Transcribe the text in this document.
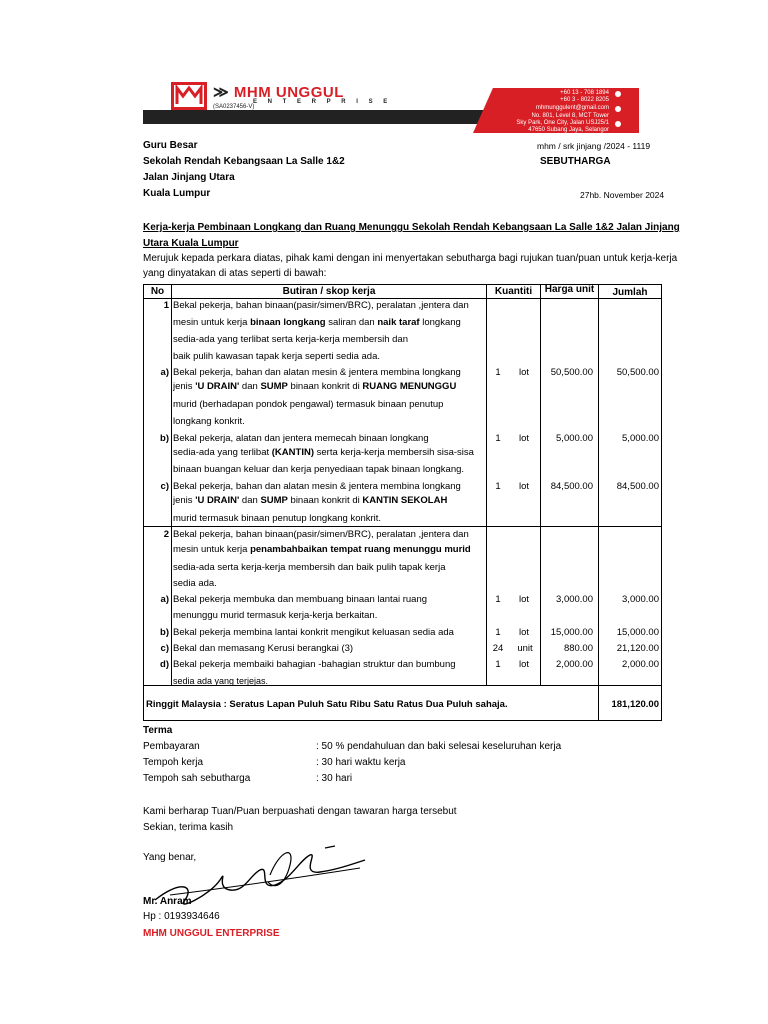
≫ MHM UNGGUL
E N T E R P R I S E
(SA0237456-V)
+60 13 - 708 1894
+60 3 - 8022 8205
mhmunggulent@gmail.com
No. 801, Level 8, MCT Tower
Sky Park, One City, Jalan USJ25/1
47650 Subang Jaya, Selangor
Guru Besar
Sekolah Rendah Kebangsaan La Salle 1&2
Jalan Jinjang Utara
Kuala Lumpur
mhm / srk jinjang /2024 - 1119
SEBUTHARGA
27hb. November 2024
Kerja-kerja Pembinaan Longkang dan Ruang Menunggu Sekolah Rendah Kebangsaan La Salle 1&2 Jalan Jinjang
Utara Kuala Lumpur
Merujuk kepada perkara diatas, pihak kami dengan ini menyertakan sebutharga bagi rujukan tuan/puan untuk kerja-kerja
yang dinyatakan di atas seperti di bawah:
No	Butiran / skop kerja	Kuantiti	Harga unit	Jumlah
1 Bekal pekerja, bahan binaan(pasir/simen/BRC), peralatan ,jentera dan
mesin untuk kerja binaan longkang saliran dan naik taraf longkang
sedia-ada yang terlibat serta kerja-kerja membersih dan
baik pulih kawasan tapak kerja seperti sedia ada.
a) Bekal pekerja, bahan dan alatan mesin & jentera membina longkang
jenis 'U DRAIN' dan SUMP binaan konkrit di RUANG MENUNGGU
murid (berhadapan pondok pengawal) termasuk binaan penutup
longkang konkrit.
1	lot	50,500.00	50,500.00
b) Bekal pekerja, alatan dan jentera memecah binaan longkang
sedia-ada yang terlibat (KANTIN) serta kerja-kerja membersih sisa-sisa
binaan buangan keluar dan kerja penyediaan tapak binaan longkang.
1	lot	5,000.00	5,000.00
c) Bekal pekerja, bahan dan alatan mesin & jentera membina longkang
jenis 'U DRAIN' dan SUMP binaan konkrit di KANTIN SEKOLAH
murid termasuk binaan penutup longkang konkrit.
1	lot	84,500.00	84,500.00
2 Bekal pekerja, bahan binaan(pasir/simen/BRC), peralatan ,jentera dan
mesin untuk kerja penambahbaikan tempat ruang menunggu murid
sedia-ada serta kerja-kerja membersih dan baik pulih tapak kerja
sedia ada.
a) Bekal pekerja membuka dan membuang binaan lantai ruang
menunggu murid termasuk kerja-kerja berkaitan.
1	lot	3,000.00	3,000.00
b) Bekal pekerja membina lantai konkrit mengikut keluasan sedia ada	1	lot	15,000.00	15,000.00
c) Bekal dan memasang Kerusi berangkai (3)	24	unit	880.00	21,120.00
d) Bekal pekerja membaiki bahagian -bahagian struktur dan bumbung
sedia ada yang terjejas.
1	lot	2,000.00	2,000.00
Ringgit Malaysia : Seratus Lapan Puluh Satu Ribu Satu Ratus Dua Puluh sahaja.	181,120.00
Terma
Pembayaran	: 50 % pendahuluan dan baki selesai keseluruhan kerja
Tempoh kerja	: 30 hari waktu kerja
Tempoh sah sebutharga	: 30 hari
Kami berharap Tuan/Puan berpuashati dengan tawaran harga tersebut
Sekian, terima kasih
Yang benar,
Mr. Anram
Hp : 0193934646
MHM UNGGUL ENTERPRISE
